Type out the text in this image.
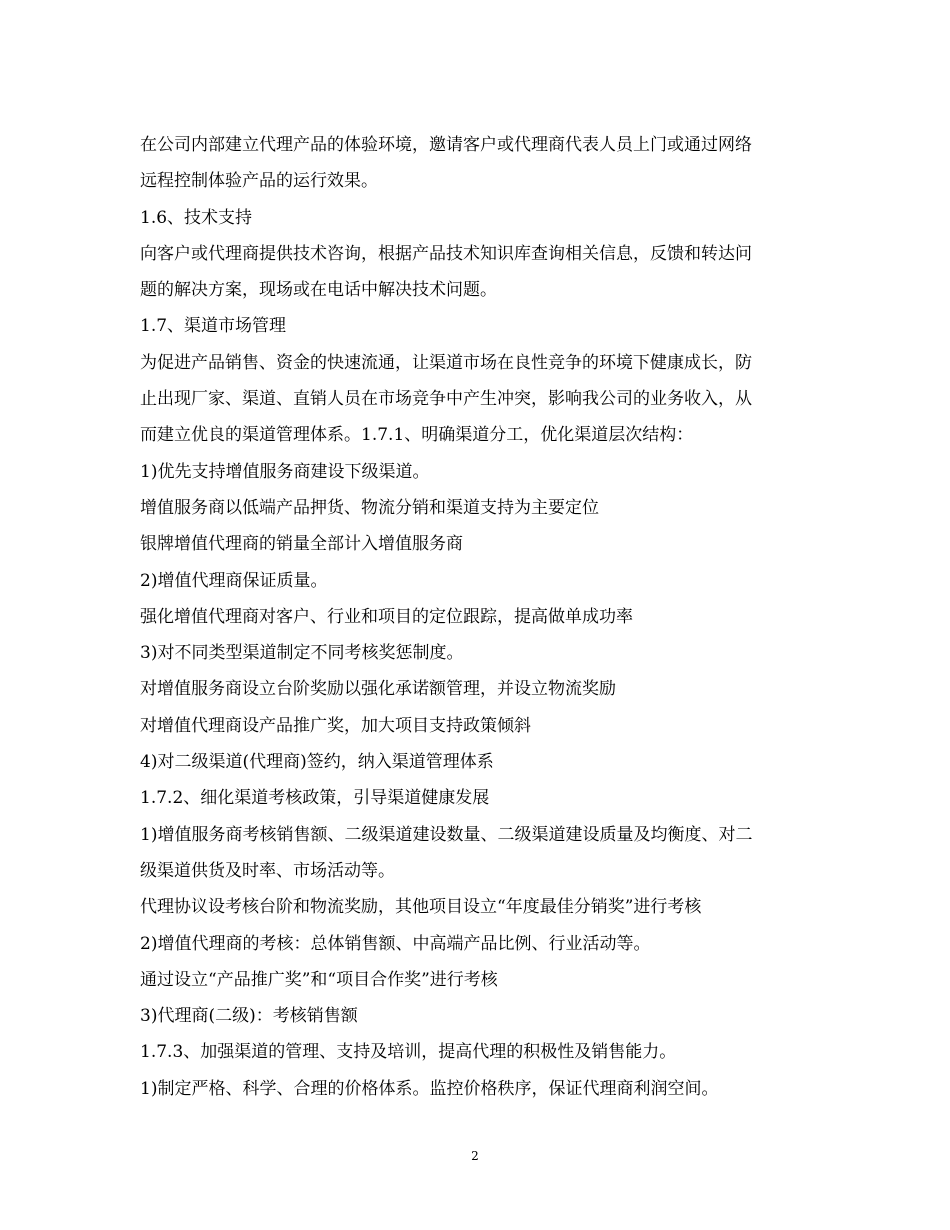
在公司内部建立代理产品的体验环境，邀请客户或代理商代表人员上门或通过网络
远程控制体验产品的运行效果。
1.6、技术支持
向客户或代理商提供技术咨询，根据产品技术知识库查询相关信息，反馈和转达问
题的解决方案，现场或在电话中解决技术问题。
1.7、渠道市场管理
为促进产品销售、资金的快速流通，让渠道市场在良性竞争的环境下健康成长，防
止出现厂家、渠道、直销人员在市场竞争中产生冲突，影响我公司的业务收入，从
而建立优良的渠道管理体系。1.7.1、明确渠道分工，优化渠道层次结构：
1)优先支持增值服务商建设下级渠道。
增值服务商以低端产品押货、物流分销和渠道支持为主要定位
银牌增值代理商的销量全部计入增值服务商
2)增值代理商保证质量。
强化增值代理商对客户、行业和项目的定位跟踪，提高做单成功率
3)对不同类型渠道制定不同考核奖惩制度。
对增值服务商设立台阶奖励以强化承诺额管理，并设立物流奖励
对增值代理商设产品推广奖，加大项目支持政策倾斜
4)对二级渠道(代理商)签约，纳入渠道管理体系
1.7.2、细化渠道考核政策，引导渠道健康发展
1)增值服务商考核销售额、二级渠道建设数量、二级渠道建设质量及均衡度、对二
级渠道供货及时率、市场活动等。
代理协议设考核台阶和物流奖励，其他项目设立“年度最佳分销奖”进行考核
2)增值代理商的考核：总体销售额、中高端产品比例、行业活动等。
通过设立“产品推广奖”和“项目合作奖”进行考核
3)代理商(二级)：考核销售额
1.7.3、加强渠道的管理、支持及培训，提高代理的积极性及销售能力。
1)制定严格、科学、合理的价格体系。监控价格秩序，保证代理商利润空间。
2
